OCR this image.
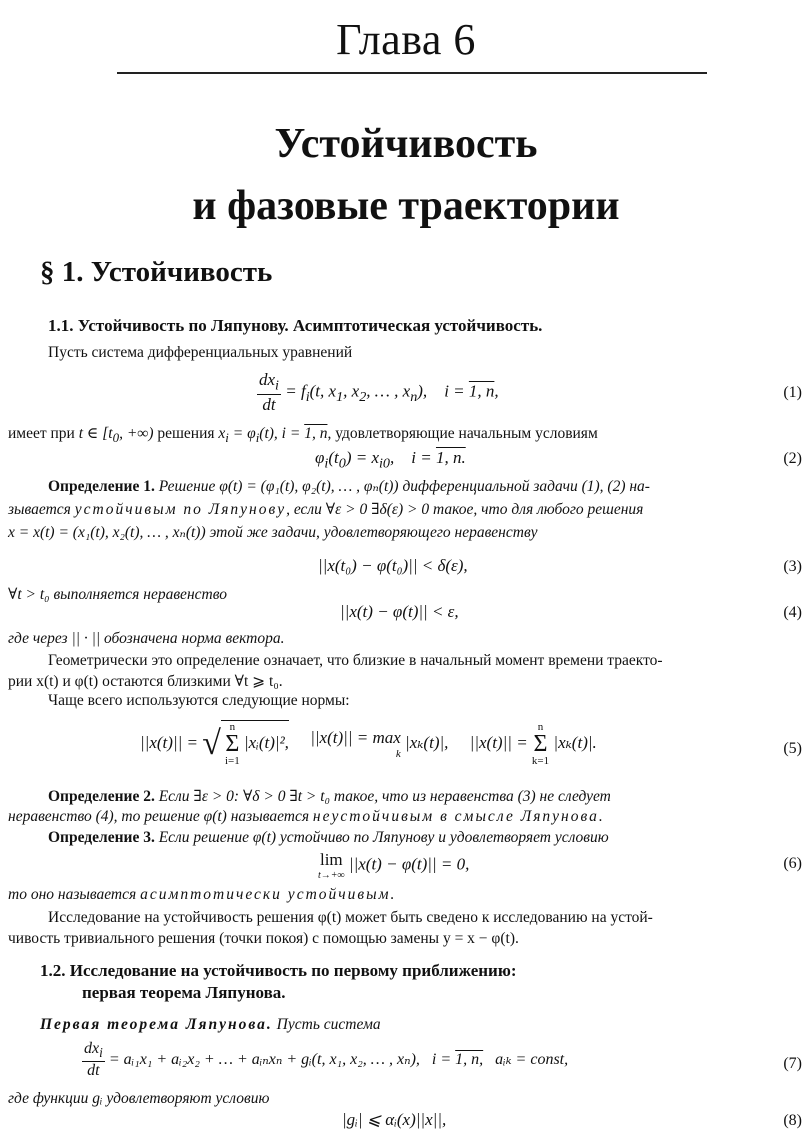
Глава 6
Устойчивость
и фазовые траектории
§ 1. Устойчивость
1.1. Устойчивость по Ляпунову. Асимптотическая устойчивость.
Пусть система дифференциальных уравнений
$\frac{dx_i}{dt} = f_i(t$, $x_1$, $x_2$, … , $x_n$),    i = 1, n,	(1)
имеет при t ∈ [$t_0$, +∞) решения $x_i = \varphi_i(t)$, i = 1, n, удовлетворяющие начальным условиям
$\varphi_i(t_0) = x_{i0}$,    i = 1, n.	(2)
Определение 1. Решение φ(t) = (φ₁(t), φ₂(t), … , φₙ(t)) дифференциальной задачи (1), (2) на-
зывается устойчивым по Ляпунову, если ∀ε > 0 ∃δ(ε) > 0 такое, что для любого решения
x = x(t) = (x₁(t), x₂(t), … , xₙ(t)) этой же задачи, удовлетворяющего неравенству
||x(t₀) − φ(t₀)|| < δ(ε),	(3)
∀t > t₀ выполняется неравенство
||x(t) − φ(t)|| < ε,	(4)
где через || · || обозначена норма вектора.
Геометрически это определение означает, что близкие в начальный момент времени траекто-
рии x(t) и φ(t) остаются близкими ∀t ⩾ t₀.
Чаще всего используются следующие нормы:
||x(t)|| = √ n
Σ
i=1
|xᵢ(t)|², ||x(t)|| = max
k
|xₖ(t)|, ||x(t)|| =
n
Σ
k=1
|xₖ(t)|.	(5)
Определение 2. Если ∃ε > 0: ∀δ > 0 ∃t > t₀ такое, что из неравенства (3) не следует
неравенство (4), то решение φ(t) называется неустойчивым в смысле Ляпунова.
Определение 3. Если решение φ(t) устойчиво по Ляпунову и удовлетворяет условию
lim
t→+∞
||x(t) − φ(t)|| = 0,	(6)
то оно называется асимптотически устойчивым.
Исследование на устойчивость решения φ(t) может быть сведено к исследованию на устой-
чивость тривиального решения (точки покоя) с помощью замены y = x − φ(t).
1.2. Исследование на устойчивость по первому приближению:
первая теорема Ляпунова.
Первая теорема Ляпунова. Пусть система
$\frac{dx_i}{dt}$ = aᵢ₁x₁ + aᵢ₂x₂ + … + aᵢₙxₙ + gᵢ(t, x₁, x₂, … , xₙ), i = 1, n, aᵢₖ = const,	(7)
где функции gᵢ удовлетворяют условию
|gᵢ| ⩽ αᵢ(x)||x||,	(8)
